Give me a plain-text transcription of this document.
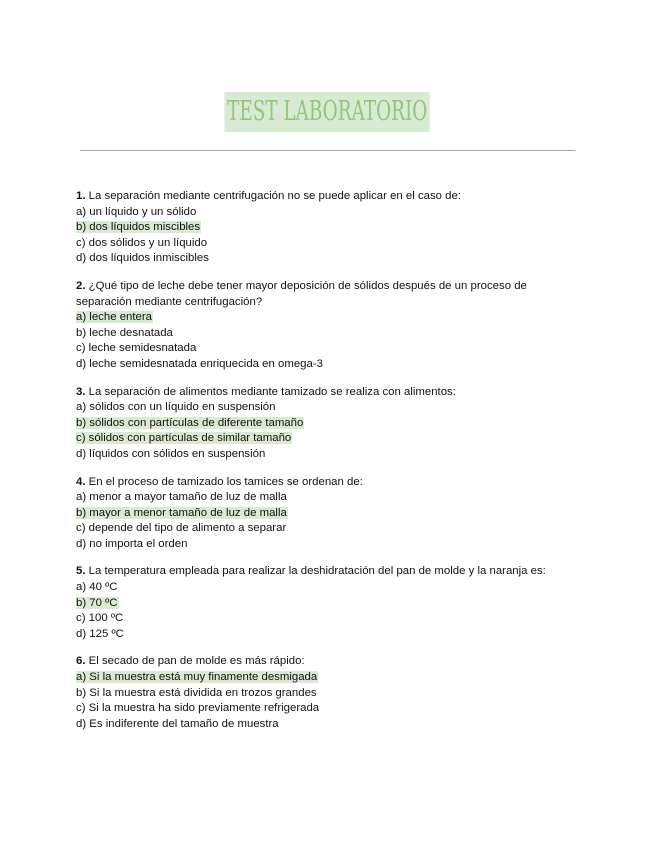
TEST LABORATORIO

1. La separación mediante centrifugación no se puede aplicar en el caso de:

a) un líquido y un sólido
b) dos líquidos miscibles
c) dos sólidos y un líquido
d) dos líquidos inmiscibles

2. ¿Qué tipo de leche debe tener mayor deposición de sólidos después de un proceso de separación mediante centrifugación?

a) leche entera
b) leche desnatada
c) leche semidesnatada
d) leche semidesnatada enriquecida en omega-3

3. La separación de alimentos mediante tamizado se realiza con alimentos:

a) sólidos con un líquido en suspensión
b) sólidos con partículas de diferente tamaño
c) sólidos con partículas de similar tamaño
d) líquidos con sólidos en suspensión

4. En el proceso de tamizado los tamices se ordenan de:

a) menor a mayor tamaño de luz de malla
b) mayor a menor tamaño de luz de malla
c) depende del tipo de alimento a separar
d) no importa el orden

5. La temperatura empleada para realizar la deshidratación del pan de molde y la naranja es:

a) 40 ºC
b) 70 ºC
c) 100 ºC
d) 125 ºC

6. El secado de pan de molde es más rápido:

a) Si la muestra está muy finamente desmigada
b) Si la muestra está dividida en trozos grandes
c) Si la muestra ha sido previamente refrigerada
d) Es indiferente del tamaño de muestra
